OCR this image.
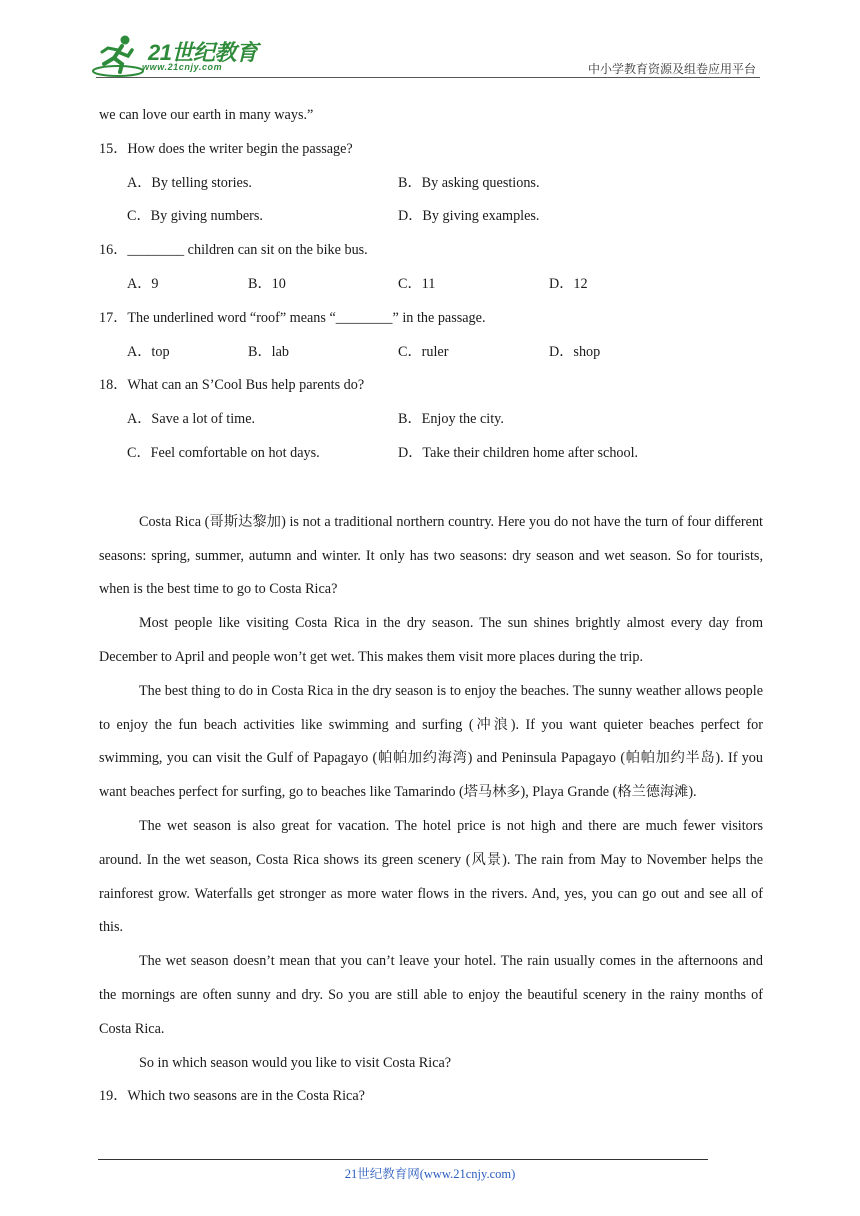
21世纪教育
www.21cnjy.com	中小学教育资源及组卷应用平台
we can love our earth in many ways.”
15．How does the writer begin the passage?
A．By telling stories.	B．By asking questions.
C．By giving numbers.	D．By giving examples.
16．________ children can sit on the bike bus.
A．9	B．10	C．11	D．12
17．The underlined word “roof” means “________” in the passage.
A．top	B．lab	C．ruler	D．shop
18．What can an S’Cool Bus help parents do?
A．Save a lot of time.	B．Enjoy the city.
C．Feel comfortable on hot days.	D．Take their children home after school.

Costa Rica (哥斯达黎加) is not a traditional northern country. Here you do not have the turn of four different seasons: spring, summer, autumn and winter. It only has two seasons: dry season and wet season. So for tourists, when is the best time to go to Costa Rica?

Most people like visiting Costa Rica in the dry season. The sun shines brightly almost every day from December to April and people won’t get wet. This makes them visit more places during the trip.

The best thing to do in Costa Rica in the dry season is to enjoy the beaches. The sunny weather allows people to enjoy the fun beach activities like swimming and surfing (冲浪). If you want quieter beaches perfect for swimming, you can visit the Gulf of Papagayo (帕帕加约海湾) and Peninsula Papagayo (帕帕加约半岛). If you want beaches perfect for surfing, go to beaches like Tamarindo (塔马林多), Playa Grande (格兰德海滩).

The wet season is also great for vacation. The hotel price is not high and there are much fewer visitors around. In the wet season, Costa Rica shows its green scenery (风景). The rain from May to November helps the rainforest grow. Waterfalls get stronger as more water flows in the rivers. And, yes, you can go out and see all of this.

The wet season doesn’t mean that you can’t leave your hotel. The rain usually comes in the afternoons and the mornings are often sunny and dry. So you are still able to enjoy the beautiful scenery in the rainy months of Costa Rica.

So in which season would you like to visit Costa Rica?

19．Which two seasons are in the Costa Rica?
21世纪教育网(www.21cnjy.com)
